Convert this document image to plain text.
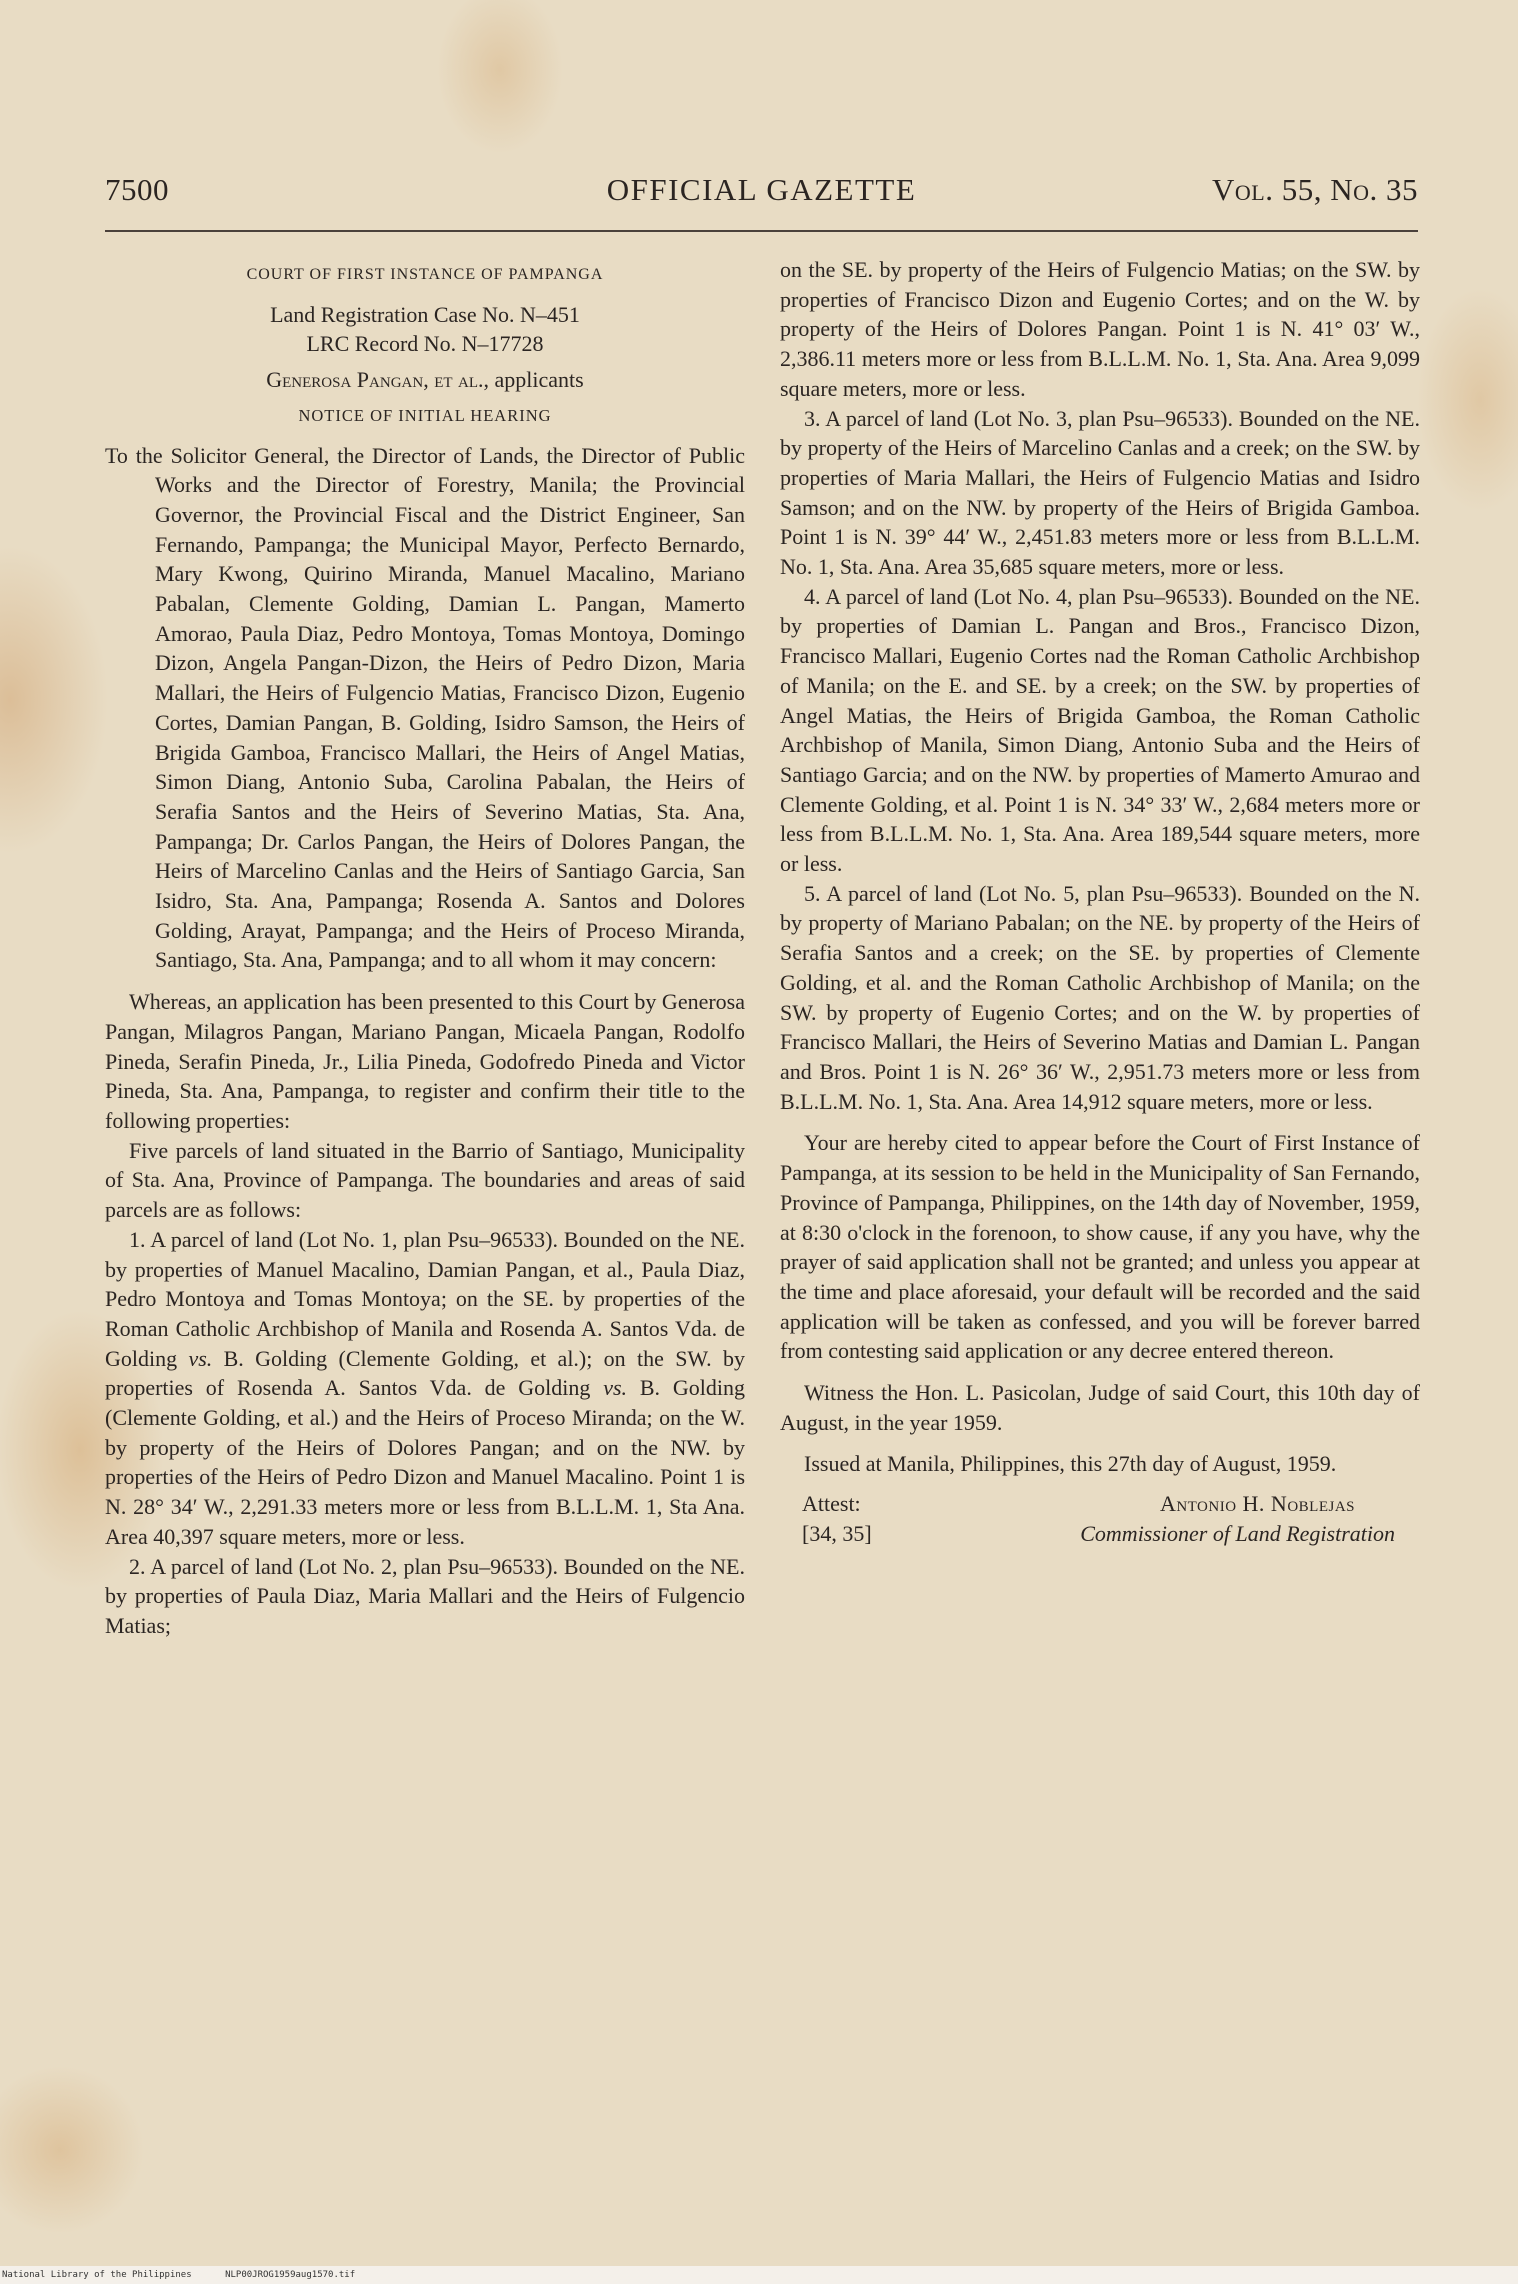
7500	OFFICIAL GAZETTE	Vol. 55, No. 35

COURT OF FIRST INSTANCE OF PAMPANGA

Land Registration Case No. N–451

LRC Record No. N–17728

Generosa Pangan, et al., applicants

NOTICE OF INITIAL HEARING

To the Solicitor General, the Director of Lands, the Director of Public Works and the Director of Forestry, Manila; the Provincial Governor, the Provincial Fiscal and the District Engineer, San Fernando, Pampanga; the Municipal Mayor, Perfecto Bernardo, Mary Kwong, Quirino Miranda, Manuel Macalino, Mariano Pabalan, Clemente Golding, Damian L. Pangan, Mamerto Amorao, Paula Diaz, Pedro Montoya, Tomas Montoya, Domingo Dizon, Angela Pangan-Dizon, the Heirs of Pedro Dizon, Maria Mallari, the Heirs of Fulgencio Matias, Francisco Dizon, Eugenio Cortes, Damian Pangan, B. Golding, Isidro Samson, the Heirs of Brigida Gamboa, Francisco Mallari, the Heirs of Angel Matias, Simon Diang, Antonio Suba, Carolina Pabalan, the Heirs of Serafia Santos and the Heirs of Severino Matias, Sta. Ana, Pampanga; Dr. Carlos Pangan, the Heirs of Dolores Pangan, the Heirs of Marcelino Canlas and the Heirs of Santiago Garcia, San Isidro, Sta. Ana, Pampanga; Rosenda A. Santos and Dolores Golding, Arayat, Pampanga; and the Heirs of Proceso Miranda, Santiago, Sta. Ana, Pampanga; and to all whom it may concern:

Whereas, an application has been presented to this Court by Generosa Pangan, Milagros Pangan, Mariano Pangan, Micaela Pangan, Rodolfo Pineda, Serafin Pineda, Jr., Lilia Pineda, Godofredo Pineda and Victor Pineda, Sta. Ana, Pampanga, to register and confirm their title to the following properties:

Five parcels of land situated in the Barrio of Santiago, Municipality of Sta. Ana, Province of Pampanga. The boundaries and areas of said parcels are as follows:

1. A parcel of land (Lot No. 1, plan Psu–96533). Bounded on the NE. by properties of Manuel Macalino, Damian Pangan, et al., Paula Diaz, Pedro Montoya and Tomas Montoya; on the SE. by properties of the Roman Catholic Archbishop of Manila and Rosenda A. Santos Vda. de Golding vs. B. Golding (Clemente Golding, et al.); on the SW. by properties of Rosenda A. Santos Vda. de Golding vs. B. Golding (Clemente Golding, et al.) and the Heirs of Proceso Miranda; on the W. by property of the Heirs of Dolores Pangan; and on the NW. by properties of the Heirs of Pedro Dizon and Manuel Macalino. Point 1 is N. 28° 34′ W., 2,291.33 meters more or less from B.L.L.M. 1, Sta Ana. Area 40,397 square meters, more or less.

2. A parcel of land (Lot No. 2, plan Psu–96533). Bounded on the NE. by properties of Paula Diaz, Maria Mallari and the Heirs of Fulgencio Matias;

on the SE. by property of the Heirs of Fulgencio Matias; on the SW. by properties of Francisco Dizon and Eugenio Cortes; and on the W. by property of the Heirs of Dolores Pangan. Point 1 is N. 41° 03′ W., 2,386.11 meters more or less from B.L.L.M. No. 1, Sta. Ana. Area 9,099 square meters, more or less.

3. A parcel of land (Lot No. 3, plan Psu–96533). Bounded on the NE. by property of the Heirs of Marcelino Canlas and a creek; on the SW. by properties of Maria Mallari, the Heirs of Fulgencio Matias and Isidro Samson; and on the NW. by property of the Heirs of Brigida Gamboa. Point 1 is N. 39° 44′ W., 2,451.83 meters more or less from B.L.L.M. No. 1, Sta. Ana. Area 35,685 square meters, more or less.

4. A parcel of land (Lot No. 4, plan Psu–96533). Bounded on the NE. by properties of Damian L. Pangan and Bros., Francisco Dizon, Francisco Mallari, Eugenio Cortes nad the Roman Catholic Archbishop of Manila; on the E. and SE. by a creek; on the SW. by properties of Angel Matias, the Heirs of Brigida Gamboa, the Roman Catholic Archbishop of Manila, Simon Diang, Antonio Suba and the Heirs of Santiago Garcia; and on the NW. by properties of Mamerto Amurao and Clemente Golding, et al. Point 1 is N. 34° 33′ W., 2,684 meters more or less from B.L.L.M. No. 1, Sta. Ana. Area 189,544 square meters, more or less.

5. A parcel of land (Lot No. 5, plan Psu–96533). Bounded on the N. by property of Mariano Pabalan; on the NE. by property of the Heirs of Serafia Santos and a creek; on the SE. by properties of Clemente Golding, et al. and the Roman Catholic Archbishop of Manila; on the SW. by property of Eugenio Cortes; and on the W. by properties of Francisco Mallari, the Heirs of Severino Matias and Damian L. Pangan and Bros. Point 1 is N. 26° 36′ W., 2,951.73 meters more or less from B.L.L.M. No. 1, Sta. Ana. Area 14,912 square meters, more or less.

Your are hereby cited to appear before the Court of First Instance of Pampanga, at its session to be held in the Municipality of San Fernando, Province of Pampanga, Philippines, on the 14th day of November, 1959, at 8:30 o'clock in the forenoon, to show cause, if any you have, why the prayer of said application shall not be granted; and unless you appear at the time and place aforesaid, your default will be recorded and the said application will be taken as confessed, and you will be forever barred from contesting said application or any decree entered thereon.

Witness the Hon. L. Pasicolan, Judge of said Court, this 10th day of August, in the year 1959.

Issued at Manila, Philippines, this 27th day of August, 1959.

Attest:
[34, 35]
Antonio H. Noblejas
Commissioner of Land Registration
National Library of the Philippines	NLP00JROG1959aug1570.tif
